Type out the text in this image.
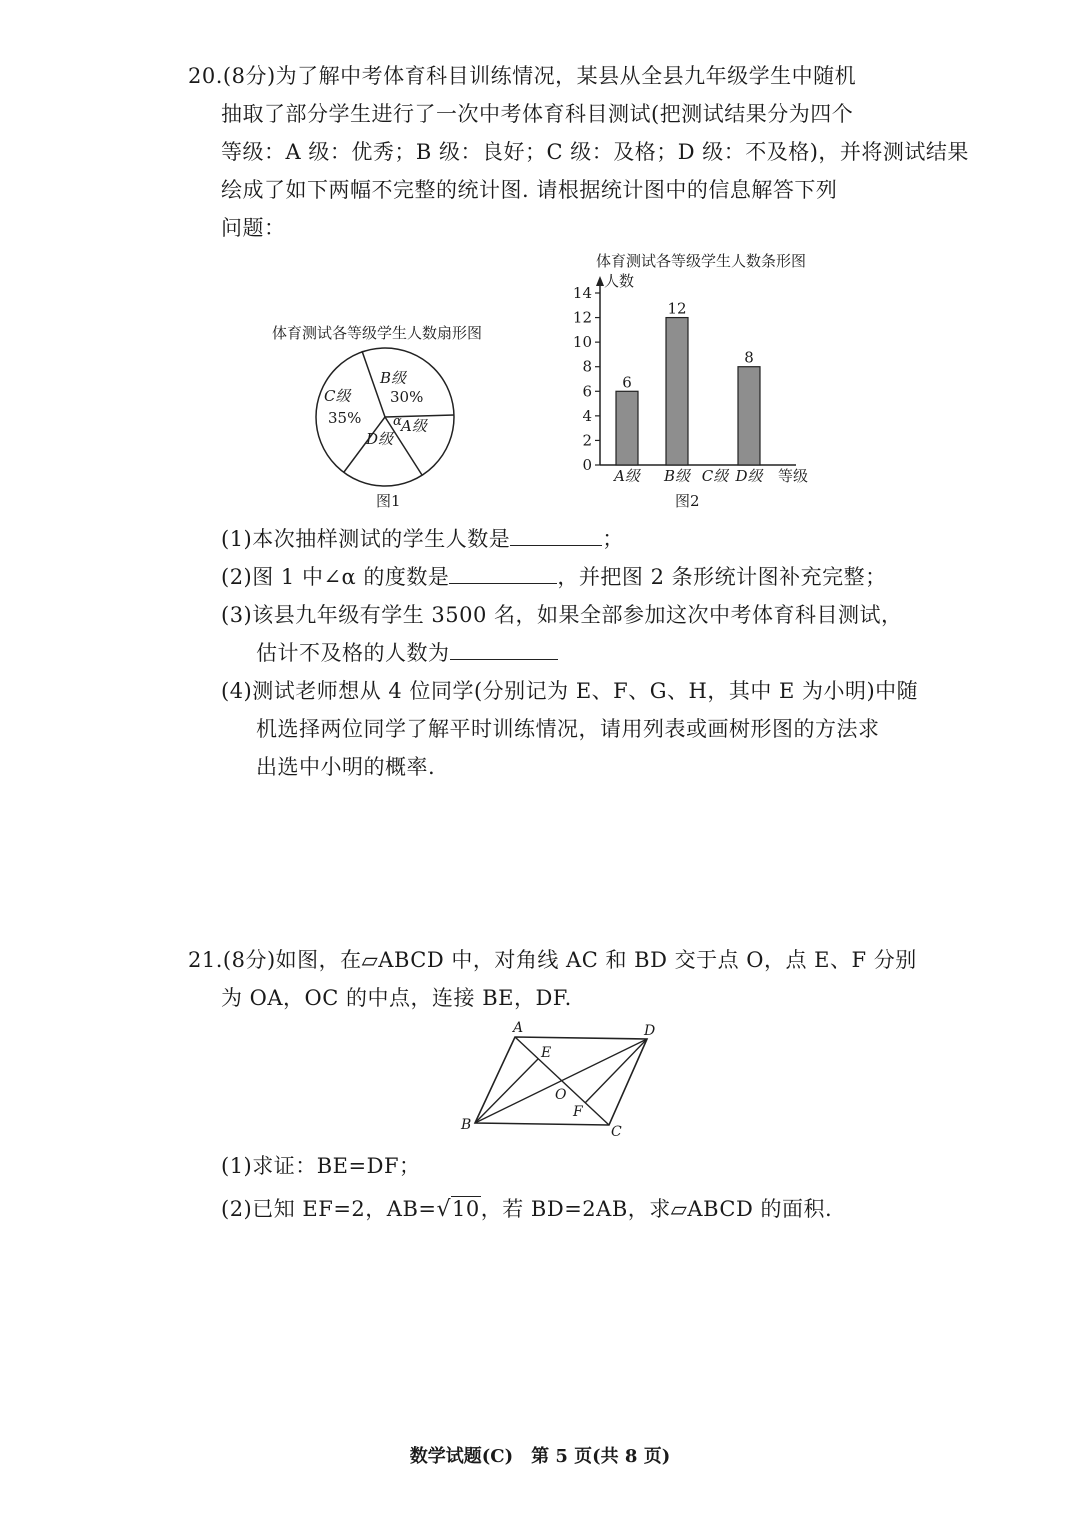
20.(8分)为了解中考体育科目训练情况，某县从全县九年级学生中随机
抽取了部分学生进行了一次中考体育科目测试(把测试结果分为四个
等级：A 级：优秀；B 级：良好；C 级：及格；D 级：不及格)，并将测试结果
绘成了如下两幅不完整的统计图. 请根据统计图中的信息解答下列
问题：
体育测试各等级学生人数扇形图
B级
30%
C级
35% α A级
D级
图1
体育测试各等级学生人数条形图
人数
等级
0
2
4
6
8
10
12
14
6
A级
12
B级 C级
8
D级
图2
(1)本次抽样测试的学生人数是	；
(2)图 1 中∠α 的度数是	，并把图 2 条形统计图补充完整；
(3)该县九年级有学生 3500 名，如果全部参加这次中考体育科目测试，
估计不及格的人数为
(4)测试老师想从 4 位同学(分别记为 E、F、G、H，其中 E 为小明)中随
机选择两位同学了解平时训练情况，请用列表或画树形图的方法求
出选中小明的概率.
21.(8分)如图，在▱ABCD 中，对角线 AC 和 BD 交于点 O，点 E、F 分别
为 OA，OC 的中点，连接 BE，DF.
A	D
E
O
F
B	C
(1)求证：BE=DF；
(2)已知 EF=2，AB=√10，若 BD=2AB，求▱ABCD 的面积.
数学试题(C)　第 5 页(共 8 页)
